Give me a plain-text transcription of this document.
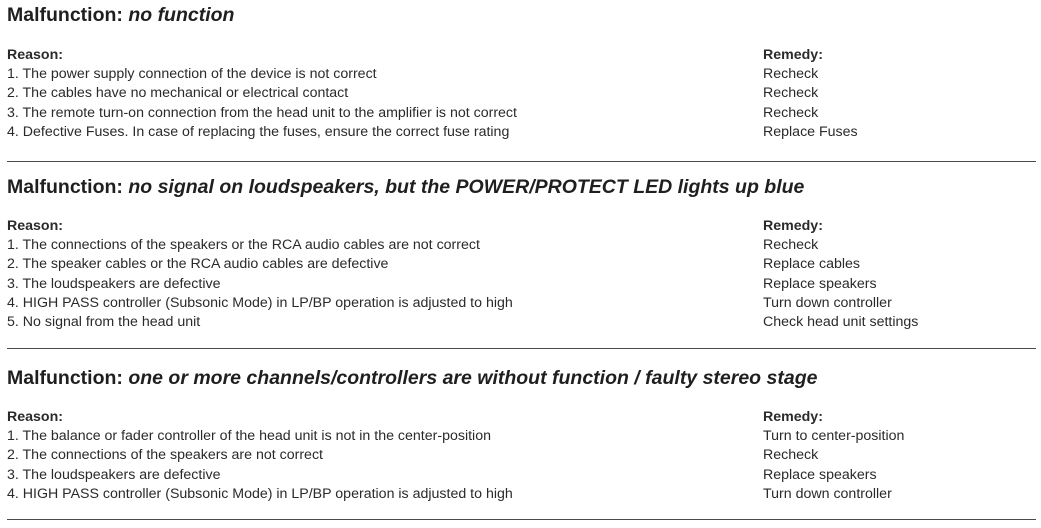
Malfunction: no function
Reason:	Remedy:
1. The power supply connection of the device is not correct	Recheck
2. The cables have no mechanical or electrical contact	Recheck
3. The remote turn-on connection from the head unit to the amplifier is not correct	Recheck
4. Defective Fuses. In case of replacing the fuses, ensure the correct fuse rating	Replace Fuses
Malfunction: no signal on loudspeakers, but the POWER/PROTECT LED lights up blue
Reason:	Remedy:
1. The connections of the speakers or the RCA audio cables are not correct	Recheck
2. The speaker cables or the RCA audio cables are defective	Replace cables
3. The loudspeakers are defective	Replace speakers
4. HIGH PASS controller (Subsonic Mode) in LP/BP operation is adjusted to high	Turn down controller
5. No signal from the head unit	Check head unit settings
Malfunction: one or more channels/controllers are without function / faulty stereo stage
Reason:	Remedy:
1. The balance or fader controller of the head unit is not in the center-position	Turn to center-position
2. The connections of the speakers are not correct	Recheck
3. The loudspeakers are defective	Replace speakers
4. HIGH PASS controller (Subsonic Mode) in LP/BP operation is adjusted to high	Turn down controller
